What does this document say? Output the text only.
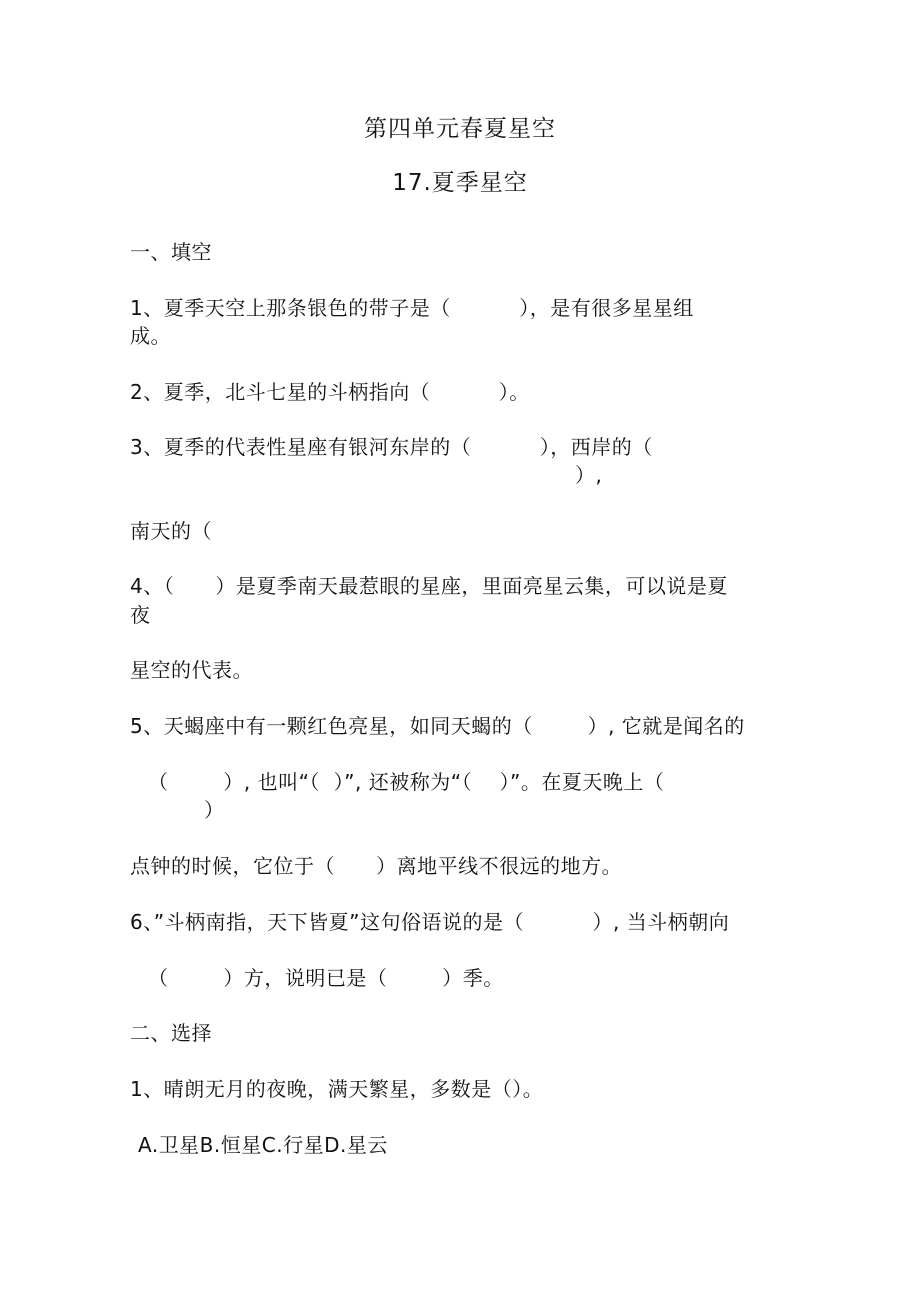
第四单元春夏星空
17.夏季星空
一、填空
1、夏季天空上那条银色的带子是（          ），是有很多星星组
成。
2、夏季，北斗七星的斗柄指向（          ）。
3、夏季的代表性星座有银河东岸的（          ），西岸的（
）,
南天的（
4、（      ）是夏季南天最惹眼的星座，里面亮星云集，可以说是夏
夜
星空的代表。
5、天蝎座中有一颗红色亮星，如同天蝎的（        ）, 它就是闻名的
（        ）, 也叫“（  ）”, 还被称为“（    ）”。在夏天晚上（
）
点钟的时候，它位于（      ）离地平线不很远的地方。
6、”斗柄南指，天下皆夏”这句俗语说的是（          ）, 当斗柄朝向
（        ）方，说明已是（        ）季。
二、选择
1、晴朗无月的夜晚，满天繁星，多数是（）。
A.卫星B.恒星C.行星D.星云
